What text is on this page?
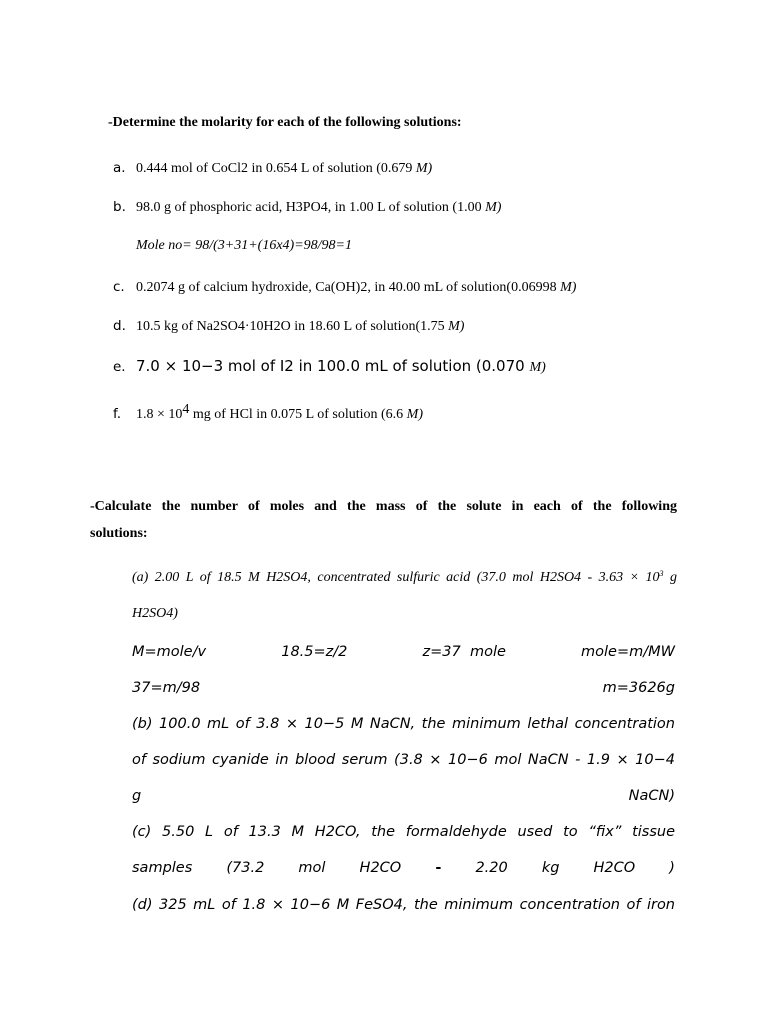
-Determine the molarity for each of the following solutions:
a. 0.444 mol of CoCl2 in 0.654 L of solution (0.679 M)
b. 98.0 g of phosphoric acid, H3PO4, in 1.00 L of solution (1.00 M)
Mole no= 98/(3+31+(16x4)=98/98=1
c. 0.2074 g of calcium hydroxide, Ca(OH)2, in 40.00 mL of solution(0.06998 M)
d. 10.5 kg of Na2SO4·10H2O in 18.60 L of solution(1.75 M)
e. 7.0 × 10−3 mol of I2 in 100.0 mL of solution (0.070 M)
f. $1.8 \times 10^4$ mg of HCl in 0.075 L of solution (6.6 M)
-Calculate the number of moles and the mass of the solute in each of the following
solutions:
(a) 2.00 L of 18.5 M H2SO4, concentrated sulfuric acid (37.0 mol $H2SO4 - 3.63 \times 10^3$ g
H2SO4)
M=mole/v	18.5=z/2	z=37  mole	mole=m/MW
37=m/98	m=3626g
(b) 100.0 mL of 3.8 × 10−5 M NaCN, the minimum lethal concentration
of sodium cyanide in blood serum (3.8 × 10−6 mol NaCN - 1.9 × 10−4
g	NaCN)
(c) 5.50 L of 13.3 M H2CO, the formaldehyde used to “fix” tissue
samples (73.2 mol H2CO - 2.20 kg H2CO )
(d) 325 mL of 1.8 × 10−6 M FeSO4, the minimum concentration of iron
